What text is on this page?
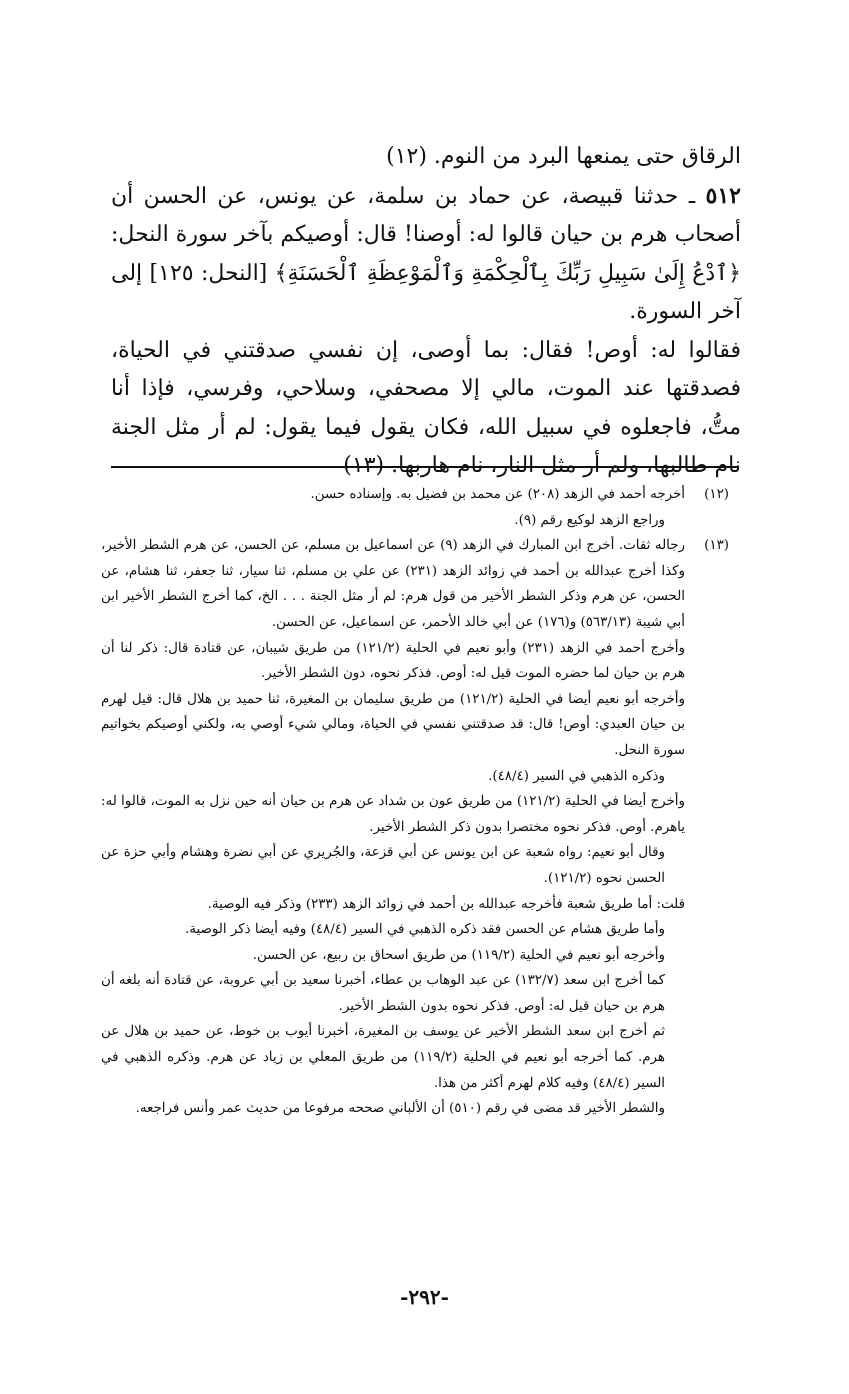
الرقاق حتى يمنعها البرد من النوم. (١٢)

٥١٢ ـ حدثنا قبيصة، عن حماد بن سلمة، عن يونس، عن الحسن أن أصحاب هرم بن حيان قالوا له: أوصنا! قال: أوصيكم بآخر سورة النحل: ﴿ٱدْعُ إِلَىٰ سَبِيلِ رَبِّكَ بِٱلْحِكْمَةِ وَٱلْمَوْعِظَةِ ٱلْحَسَنَةِ﴾ [النحل: ١٢٥] إلى آخر السورة.

فقالوا له: أوص! فقال: بما أوصى، إن نفسي صدقتني في الحياة، فصدقتها عند الموت، مالي إلا مصحفي، وسلاحي، وفرسي، فإذا أنا متُّ، فاجعلوه في سبيل الله، فكان يقول فيما يقول: لم أر مثل الجنة نام طالبها، ولم أر مثل النار، نام هاربها. (١٣)

(١٢)

أخرجه أحمد في الزهد (٢٠٨) عن محمد بن فضيل به. وإسناده حسن.

وراجع الزهد لوكيع رقم (٩).

(١٣)

رجاله ثقات. أخرج ابن المبارك في الزهد (٩) عن اسماعيل بن مسلم، عن الحسن، عن هرم الشطر الأخير، وكذا أخرج عبدالله بن أحمد في زوائد الزهد (٢٣١) عن علي بن مسلم، ثنا سيار، ثنا جعفر، ثنا هشام، عن الحسن، عن هرم وذكر الشطر الأخير من قول هرم: لم أر مثل الجنة . . . الخ، كما أخرج الشطر الأخير ابن أبي شيبة (٥٦٣/١٣) و(١٧٦) عن أبي خالد الأحمر، عن اسماعيل، عن الحسن.

وأخرج أحمد في الزهد (٢٣١) وأبو نعيم في الحلية (١٢١/٢) من طريق شيبان، عن قتادة قال: ذكر لنا أن هرم بن حيان لما حضره الموت قيل له: أوص. فذكر نحوه، دون الشطر الأخير.

وأخرجه أبو نعيم أيضا في الحلية (١٢١/٢) من طريق سليمان بن المغيرة، ثنا حميد بن هلال قال: قيل لهرم بن حيان العبدي: أوص! قال: قد صدقتني نفسي في الحياة، ومالي شيء أوصي به، ولكني أوصيكم بخواتيم سورة النحل.

وذكره الذهبي في السير (٤٨/٤).

وأخرج أيضا في الحلية (١٢١/٢) من طريق عون بن شداد عن هرم بن حيان أنه حين نزل به الموت، قالوا له: ياهرم. أوص. فذكر نحوه مختصرا بدون ذكر الشطر الأخير.

وقال أبو نعيم: رواه شعبة عن ابن يونس عن أبي قزعة، والجُريري عن أبي نضرة وهشام وأبي حزة عن الحسن نحوه (١٢١/٢).

قلت: أما طريق شعبة فأخرجه عبدالله بن أحمد في زوائد الزهد (٢٣٣) وذكر فيه الوصية.

وأما طريق هشام عن الحسن فقد ذكره الذهبي في السير (٤٨/٤) وفيه أيضا ذكر الوصية.

وأخرجه أبو نعيم في الحلية (١١٩/٢) من طريق اسحاق بن ربيع، عن الحسن.

كما أخرج ابن سعد (١٣٢/٧) عن عبد الوهاب بن عطاء، أخبرنا سعيد بن أبي عروبة، عن قتادة أنه بلغه أن هرم بن حيان قيل له: أوص. فذكر نحوه بدون الشطر الأخير.

ثم أخرج ابن سعد الشطر الأخير عن يوسف بن المغيرة، أخبرنا أيوب بن خوط، عن حميد بن هلال عن هرم. كما أخرجه أبو نعيم في الحلية (١١٩/٢) من طريق المعلي بن زياد عن هرم. وذكره الذهبي في السير (٤٨/٤) وفيه كلام لهرم أكثر من هذا.

والشطر الأخير قد مضى في رقم (٥١٠) أن الألباني صححه مرفوعا من حديث عمر وأنس فراجعه.

-٢٩٢-
